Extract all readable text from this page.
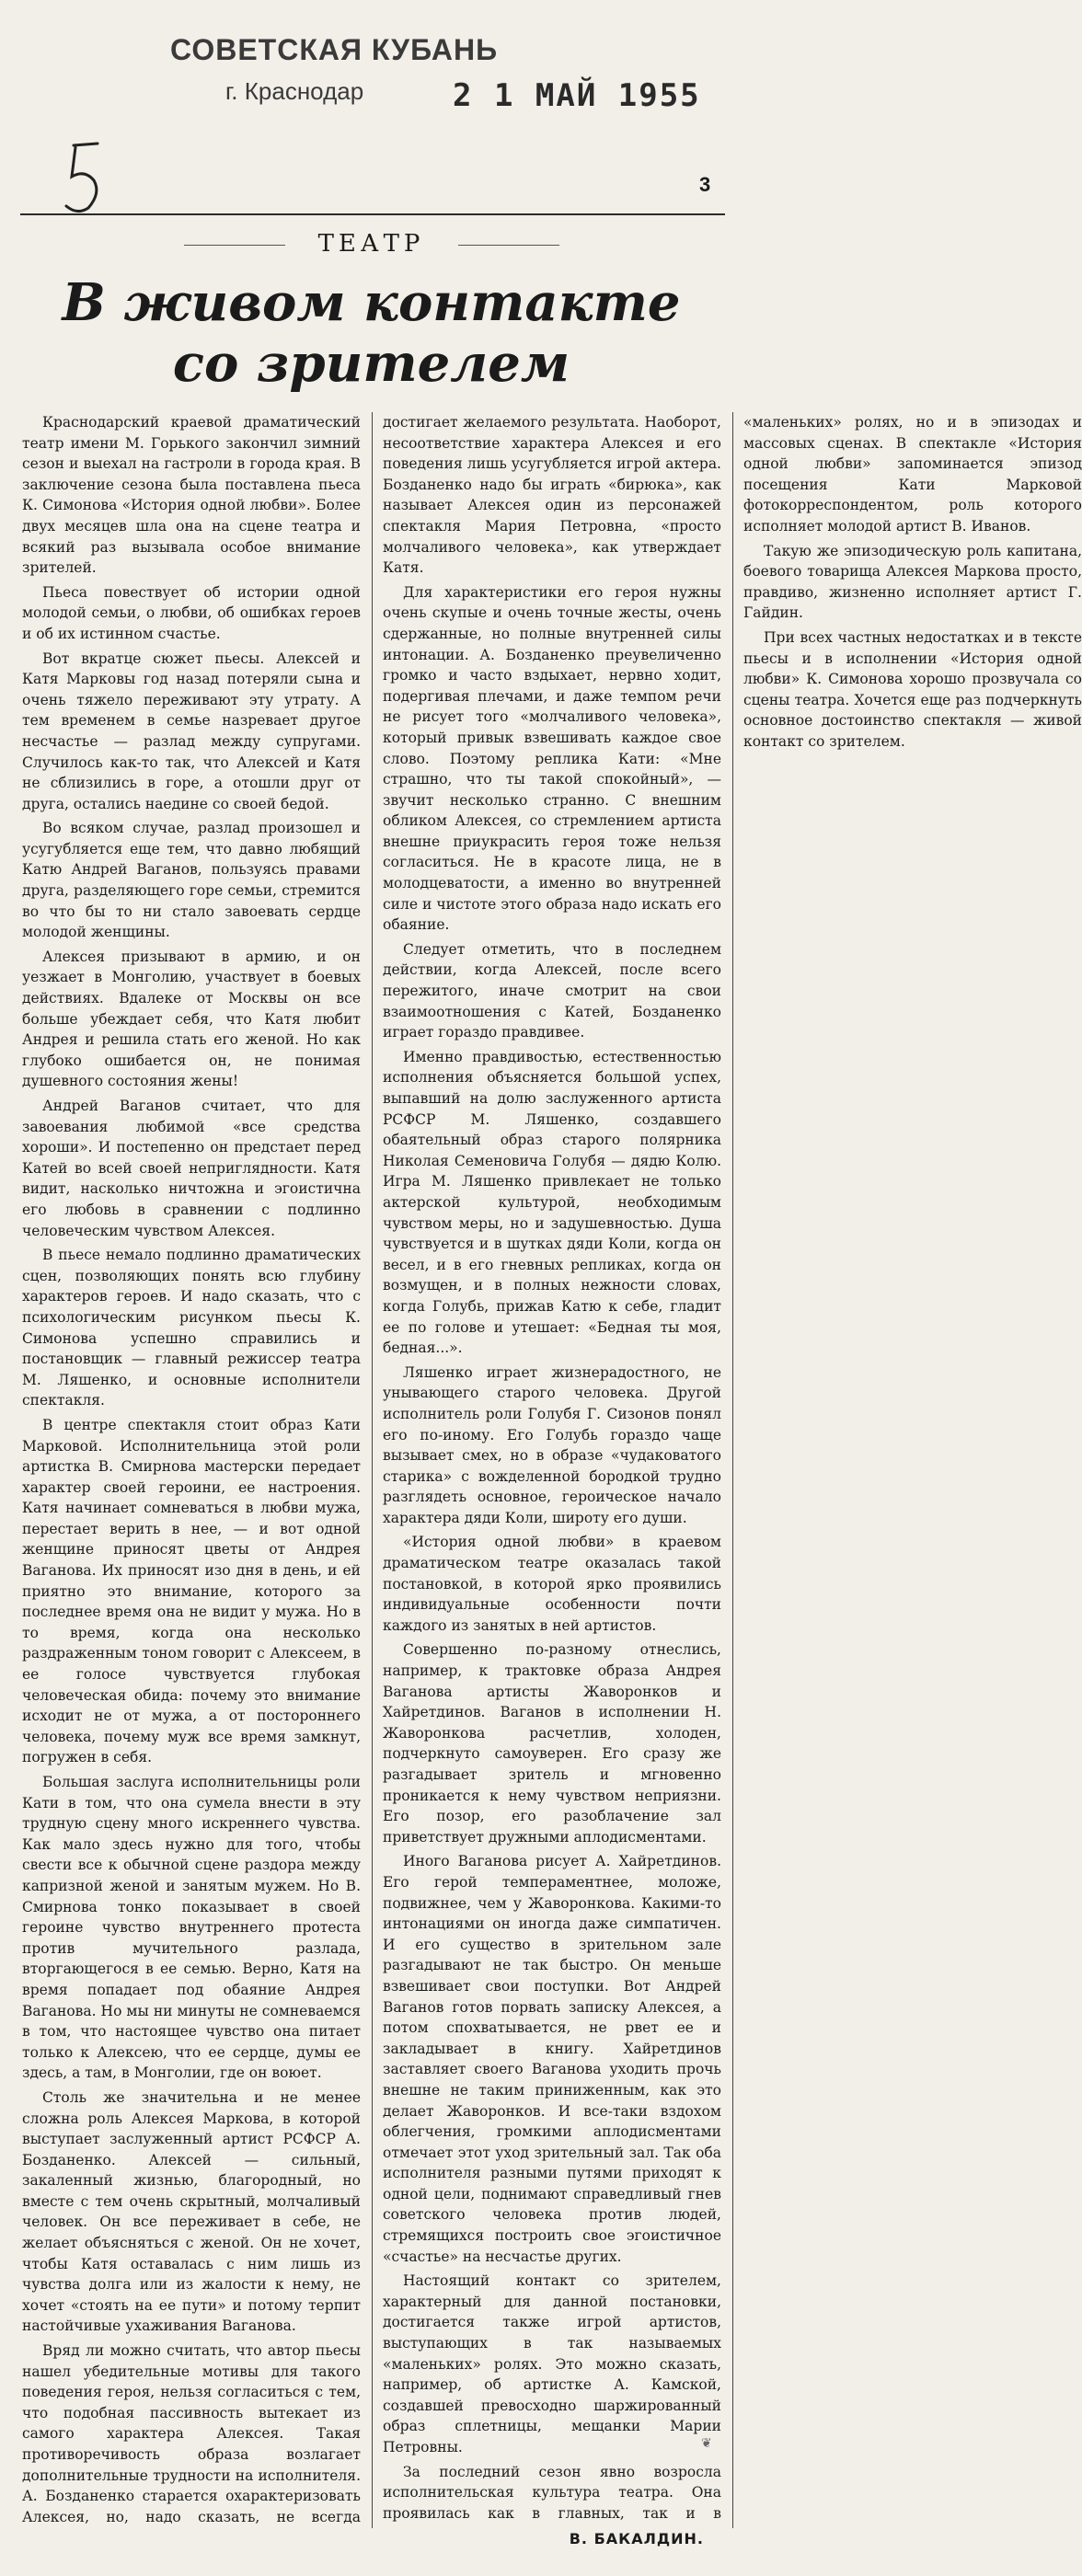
СОВЕТСКАЯ КУБАНЬ
г. Краснодар	2 1 МАЙ 1955
3
ТЕАТР
В живом контакте
со зрителем

Краснодарский краевой драматический театр имени М. Горького закончил зимний сезон и выехал на гастроли в города края. В заключение сезона была поставлена пьеса К. Симонова «История одной любви». Более двух месяцев шла она на сцене театра и всякий раз вызывала особое внимание зрителей.

Пьеса повествует об истории одной молодой семьи, о любви, об ошибках героев и об их истинном счастье.

Вот вкратце сюжет пьесы. Алексей и Катя Марковы год назад потеряли сына и очень тяжело переживают эту утрату. А тем временем в семье назревает другое несчастье — разлад между супругами. Случилось как-то так, что Алексей и Катя не сблизились в горе, а отошли друг от друга, остались наедине со своей бедой.

Во всяком случае, разлад произошел и усугубляется еще тем, что давно любящий Катю Андрей Ваганов, пользуясь правами друга, разделяющего горе семьи, стремится во что бы то ни стало завоевать сердце молодой женщины.

Алексея призывают в армию, и он уезжает в Монголию, участвует в боевых действиях. Вдалеке от Москвы он все больше убеждает себя, что Катя любит Андрея и решила стать его женой. Но как глубоко ошибается он, не понимая душевного состояния жены!

Андрей Ваганов считает, что для завоевания любимой «все средства хороши». И постепенно он предстает перед Катей во всей своей неприглядности. Катя видит, насколько ничтожна и эгоистична его любовь в сравнении с подлинно человеческим чувством Алексея.

В пьесе немало подлинно драматических сцен, позволяющих понять всю глубину характеров героев. И надо сказать, что с психологическим рисунком пьесы К. Симонова успешно справились и постановщик — главный режиссер театра М. Ляшенко, и основные исполнители спектакля.

В центре спектакля стоит образ Кати Марковой. Исполнительница этой роли артистка В. Смирнова мастерски передает характер своей героини, ее настроения. Катя начинает сомневаться в любви мужа, перестает верить в нее, — и вот одной женщине приносят цветы от Андрея Ваганова. Их приносят изо дня в день, и ей приятно это внимание, которого за последнее время она не видит у мужа. Но в то время, когда она несколько раздраженным тоном говорит с Алексеем, в ее голосе чувствуется глубокая человеческая обида: почему это внимание исходит не от мужа, а от постороннего человека, почему муж все время замкнут, погружен в себя.

Большая заслуга исполнительницы роли Кати в том, что она сумела внести в эту трудную сцену много искреннего чувства. Как мало здесь нужно для того, чтобы свести все к обычной сцене раздора между капризной женой и занятым мужем. Но В. Смирнова тонко показывает в своей героине чувство внутреннего протеста против мучительного разлада, вторгающегося в ее семью. Верно, Катя на время попадает под обаяние Андрея Ваганова. Но мы ни минуты не сомневаемся в том, что настоящее чувство она питает только к Алексею, что ее сердце, думы ее здесь, а там, в Монголии, где он воюет.

Столь же значительна и не менее сложна роль Алексея Маркова, в которой выступает заслуженный артист РСФСР А. Бозданенко. Алексей — сильный, закаленный жизнью, благородный, но вместе с тем очень скрытный, молчаливый человек. Он все переживает в себе, не желает объясняться с женой. Он не хочет, чтобы Катя оставалась с ним лишь из чувства долга или из жалости к нему, не хочет «стоять на ее пути» и потому терпит настойчивые ухаживания Ваганова.

Вряд ли можно считать, что автор пьесы нашел убедительные мотивы для такого поведения героя, нельзя согласиться с тем, что подобная пассивность вытекает из самого характера Алексея. Такая противоречивость образа возлагает дополнительные трудности на исполнителя. А. Бозданенко старается охарактеризовать Алексея, но, надо сказать, не всегда достигает желаемого результата. Наоборот, несоответствие характера Алексея и его поведения лишь усугубляется игрой актера. Бозданенко надо бы играть «бирюка», как называет Алексея один из персонажей спектакля Мария Петровна, «просто молчаливого человека», как утверждает Катя.

Для характеристики его героя нужны очень скупые и очень точные жесты, очень сдержанные, но полные внутренней силы интонации. А. Бозданенко преувеличенно громко и часто вздыхает, нервно ходит, подергивая плечами, и даже темпом речи не рисует того «молчаливого человека», который привык взвешивать каждое свое слово. Поэтому реплика Кати: «Мне страшно, что ты такой спокойный», — звучит несколько странно. С внешним обликом Алексея, со стремлением артиста внешне приукрасить героя тоже нельзя согласиться. Не в красоте лица, не в молодцеватости, а именно во внутренней силе и чистоте этого образа надо искать его обаяние.

Следует отметить, что в последнем действии, когда Алексей, после всего пережитого, иначе смотрит на свои взаимоотношения с Катей, Бозданенко играет гораздо правдивее.

Именно правдивостью, естественностью исполнения объясняется большой успех, выпавший на долю заслуженного артиста РСФСР М. Ляшенко, создавшего обаятельный образ старого полярника Николая Семеновича Голубя — дядю Колю. Игра М. Ляшенко привлекает не только актерской культурой, необходимым чувством меры, но и задушевностью. Душа чувствуется и в шутках дяди Коли, когда он весел, и в его гневных репликах, когда он возмущен, и в полных нежности словах, когда Голубь, прижав Катю к себе, гладит ее по голове и утешает: «Бедная ты моя, бедная...».

Ляшенко играет жизнерадостного, не унывающего старого человека. Другой исполнитель роли Голубя Г. Сизонов понял его по-иному. Его Голубь гораздо чаще вызывает смех, но в образе «чудаковатого старика» с вожделенной бородкой трудно разглядеть основное, героическое начало характера дяди Коли, широту его души.

«История одной любви» в краевом драматическом театре оказалась такой постановкой, в которой ярко проявились индивидуальные особенности почти каждого из занятых в ней артистов.

Совершенно по-разному отнеслись, например, к трактовке образа Андрея Ваганова артисты Жаворонков и Хайретдинов. Ваганов в исполнении Н. Жаворонкова расчетлив, холоден, подчеркнуто самоуверен. Его сразу же разгадывает зритель и мгновенно проникается к нему чувством неприязни. Его позор, его разоблачение зал приветствует дружными аплодисментами.

Иного Ваганова рисует А. Хайретдинов. Его герой темпераментнее, моложе, подвижнее, чем у Жаворонкова. Какими-то интонациями он иногда даже симпатичен. И его существо в зрительном зале разгадывают не так быстро. Он меньше взвешивает свои поступки. Вот Андрей Ваганов готов порвать записку Алексея, а потом спохватывается, не рвет ее и закладывает в книгу. Хайретдинов заставляет своего Ваганова уходить прочь внешне не таким приниженным, как это делает Жаворонков. И все-таки вздохом облегчения, громкими аплодисментами отмечает этот уход зрительный зал. Так оба исполнителя разными путями приходят к одной цели, поднимают справедливый гнев советского человека против людей, стремящихся построить свое эгоистичное «счастье» на несчастье других.

Настоящий контакт со зрителем, характерный для данной постановки, достигается также игрой артистов, выступающих в так называемых «маленьких» ролях. Это можно сказать, например, об артистке А. Камской, создавшей превосходно шаржированный образ сплетницы, мещанки Марии Петровны.

За последний сезон явно возросла исполнительская культура театра. Она проявилась как в главных, так и в «маленьких» ролях, но и в эпизодах и массовых сценах. В спектакле «История одной любви» запоминается эпизод посещения Кати Марковой фотокорреспондентом, роль которого исполняет молодой артист В. Иванов.

Такую же эпизодическую роль капитана, боевого товарища Алексея Маркова просто, правдиво, жизненно исполняет артист Г. Гайдин.

При всех частных недостатках и в тексте пьесы и в исполнении «История одной любви» К. Симонова хорошо прозвучала со сцены театра. Хочется еще раз подчеркнуть основное достоинство спектакля — живой контакт со зрителем.

❦
В. БАКАЛДИН.
